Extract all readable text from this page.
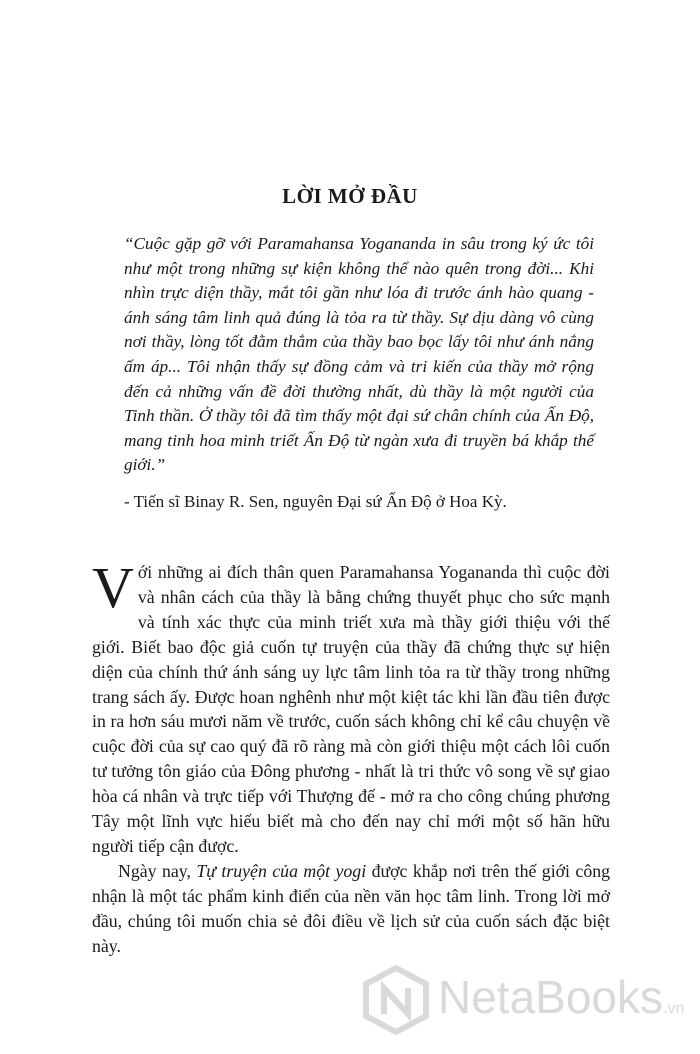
LỜI MỞ ĐẦU

“Cuộc gặp gỡ với Paramahansa Yogananda in sâu trong ký ức tôi như một trong những sự kiện không thể nào quên trong đời... Khi nhìn trực diện thầy, mắt tôi gần như lóa đi trước ánh hào quang - ánh sáng tâm linh quả đúng là tỏa ra từ thầy. Sự dịu dàng vô cùng nơi thầy, lòng tốt đằm thắm của thầy bao bọc lấy tôi như ánh nắng ấm áp... Tôi nhận thấy sự đồng cảm và tri kiến của thầy mở rộng đến cả những vấn đề đời thường nhất, dù thầy là một người của Tinh thần. Ở thầy tôi đã tìm thấy một đại sứ chân chính của Ấn Độ, mang tinh hoa minh triết Ấn Độ từ ngàn xưa đi truyền bá khắp thế giới.”

- Tiến sĩ Binay R. Sen, nguyên Đại sứ Ấn Độ ở Hoa Kỳ.

Với những ai đích thân quen Paramahansa Yogananda thì cuộc đời và nhân cách của thầy là bằng chứng thuyết phục cho sức mạnh và tính xác thực của minh triết xưa mà thầy giới thiệu với thế giới. Biết bao độc giả cuốn tự truyện của thầy đã chứng thực sự hiện diện của chính thứ ánh sáng uy lực tâm linh tỏa ra từ thầy trong những trang sách ấy. Được hoan nghênh như một kiệt tác khi lần đầu tiên được in ra hơn sáu mươi năm về trước, cuốn sách không chỉ kể câu chuyện về cuộc đời của sự cao quý đã rõ ràng mà còn giới thiệu một cách lôi cuốn tư tưởng tôn giáo của Đông phương - nhất là tri thức vô song về sự giao hòa cá nhân và trực tiếp với Thượng đế - mở ra cho công chúng phương Tây một lĩnh vực hiểu biết mà cho đến nay chỉ mới một số hãn hữu người tiếp cận được.

Ngày nay, Tự truyện của một yogi được khắp nơi trên thế giới công nhận là một tác phẩm kinh điển của nền văn học tâm linh. Trong lời mở đầu, chúng tôi muốn chia sẻ đôi điều về lịch sử của cuốn sách đặc biệt này.

NetaBooks.vn
